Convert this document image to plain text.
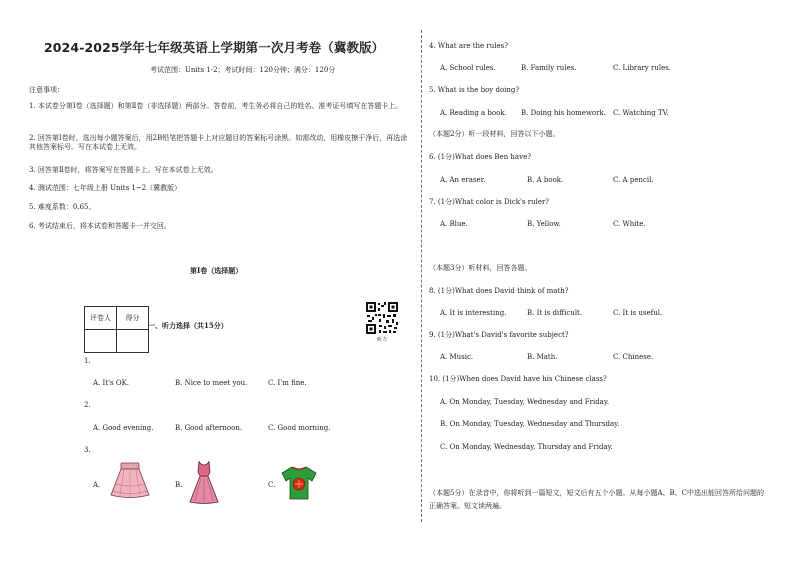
2024-2025学年七年级英语上学期第一次月考卷（冀教版）
考试范围：Units 1-2；考试时间：120分钟；满分：120分
注意事项：
1. 本试卷分第Ⅰ卷（选择题）和第Ⅱ卷（非选择题）两部分。答卷前，考生务必将自己的姓名、准考证号填写在答题卡上。
2. 回答第Ⅰ卷时，选出每小题答案后，用2B铅笔把答题卡上对应题目的答案标号涂黑。如需改动，用橡皮擦干净后，再选涂其他答案标号。写在本试卷上无效。
3. 回答第Ⅱ卷时，将答案写在答题卡上。写在本试卷上无效。
4. 测试范围：七年级上册 Units 1~2（冀教版）
5. 难度系数：0.65。
6. 考试结束后，将本试卷和答题卡一并交回。
第Ⅰ卷（选择题）
评卷人	得分

一、听力选择（共15分）
听力
1.
A. It's OK.	B. Nice to meet you.	C. I'm fine.
2.
A. Good evening.	B. Good afternoon.	C. Good morning.
3.
A.	B.	C.
4. What are the rules?
A. School rules.	B. Family rules.	C. Library rules.
5. What is the boy doing?
A. Reading a book. B. Doing his homework. C. Watching TV.
（本题2分）听一段材料，回答以下小题。
6. (1分)What does Ben have?
A. An eraser.	B. A book.	C. A pencil.
7. (1分)What color is Dick's ruler?
A. Blue.	B. Yellow.	C. White.
（本题3分）听材料，回答各题。
8. (1分)What does David think of math?
A. It is interesting.	B. It is difficult.	C. It is useful.
9. (1分)What's David's favorite subject?
A. Music.	B. Math.	C. Chinese.
10. (1分)When does David have his Chinese class?
A. On Monday, Tuesday, Wednesday and Friday.
B. On Monday, Tuesday, Wednesday and Thursday.
C. On Monday, Wednesday, Thursday and Friday.
（本题5分）在录音中，你将听到一篇短文，短文后有五个小题。从每小题A、B、C中选出能回答所给问题的正确答案。短文读两遍。
